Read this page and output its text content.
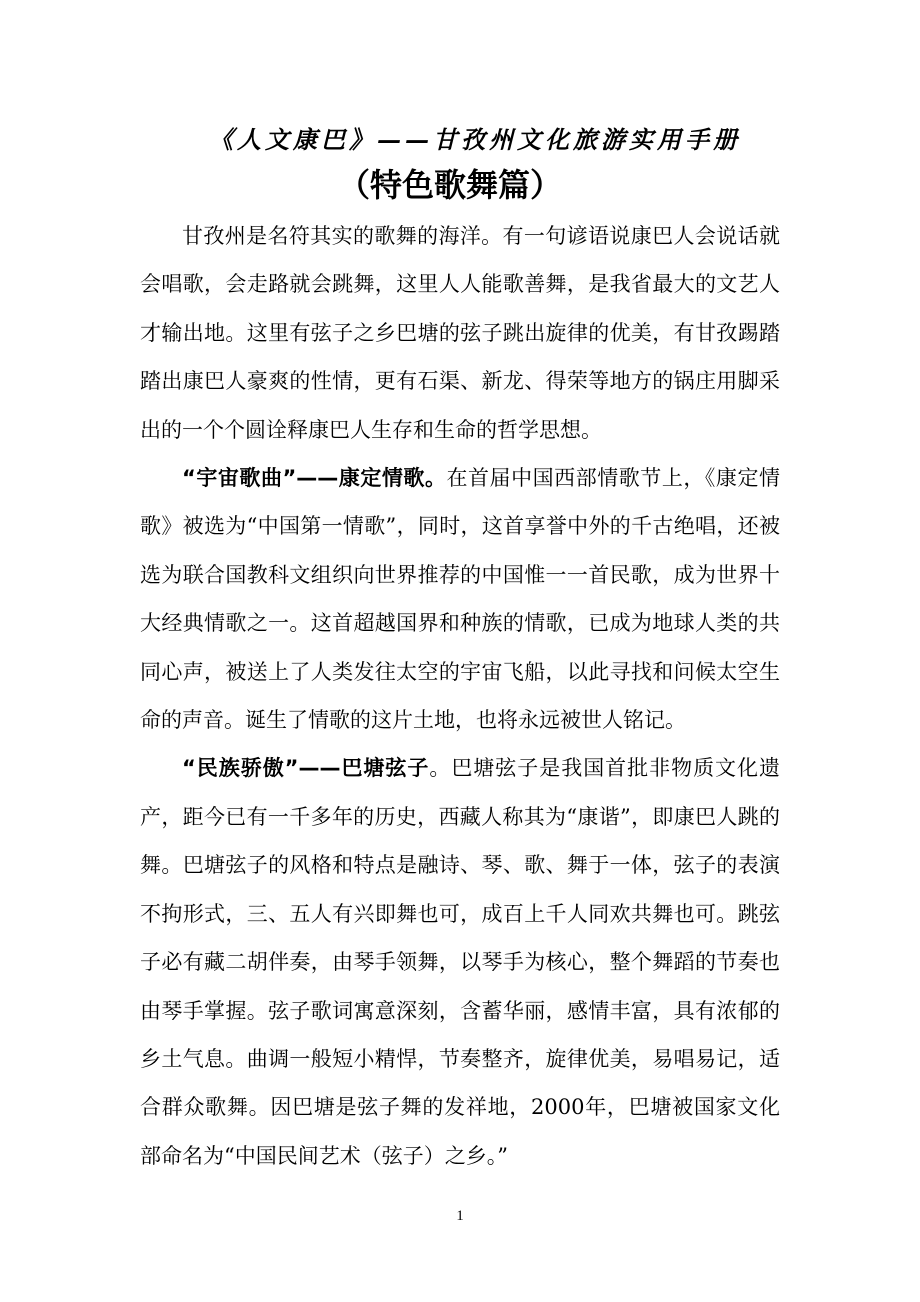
《人文康巴》——甘孜州文化旅游实用手册
（特色歌舞篇）

甘孜州是名符其实的歌舞的海洋。有一句谚语说康巴人会说话就会唱歌，会走路就会跳舞，这里人人能歌善舞，是我省最大的文艺人才输出地。这里有弦子之乡巴塘的弦子跳出旋律的优美，有甘孜踢踏踏出康巴人豪爽的性情，更有石渠、新龙、得荣等地方的锅庄用脚采出的一个个圆诠释康巴人生存和生命的哲学思想。

“宇宙歌曲”——康定情歌。在首届中国西部情歌节上，《康定情歌》被选为“中国第一情歌”，同时，这首享誉中外的千古绝唱，还被选为联合国教科文组织向世界推荐的中国惟一一首民歌，成为世界十大经典情歌之一。这首超越国界和种族的情歌，已成为地球人类的共同心声，被送上了人类发往太空的宇宙飞船，以此寻找和问候太空生命的声音。诞生了情歌的这片土地，也将永远被世人铭记。

“民族骄傲”——巴塘弦子。巴塘弦子是我国首批非物质文化遗产，距今已有一千多年的历史，西藏人称其为“康谐”，即康巴人跳的舞。巴塘弦子的风格和特点是融诗、琴、歌、舞于一体，弦子的表演不拘形式，三、五人有兴即舞也可，成百上千人同欢共舞也可。跳弦子必有藏二胡伴奏，由琴手领舞，以琴手为核心，整个舞蹈的节奏也由琴手掌握。弦子歌词寓意深刻，含蓄华丽，感情丰富，具有浓郁的乡土气息。曲调一般短小精悍，节奏整齐，旋律优美，易唱易记，适合群众歌舞。因巴塘是弦子舞的发祥地，2000年，巴塘被国家文化部命名为“中国民间艺术（弦子）之乡。”

1
